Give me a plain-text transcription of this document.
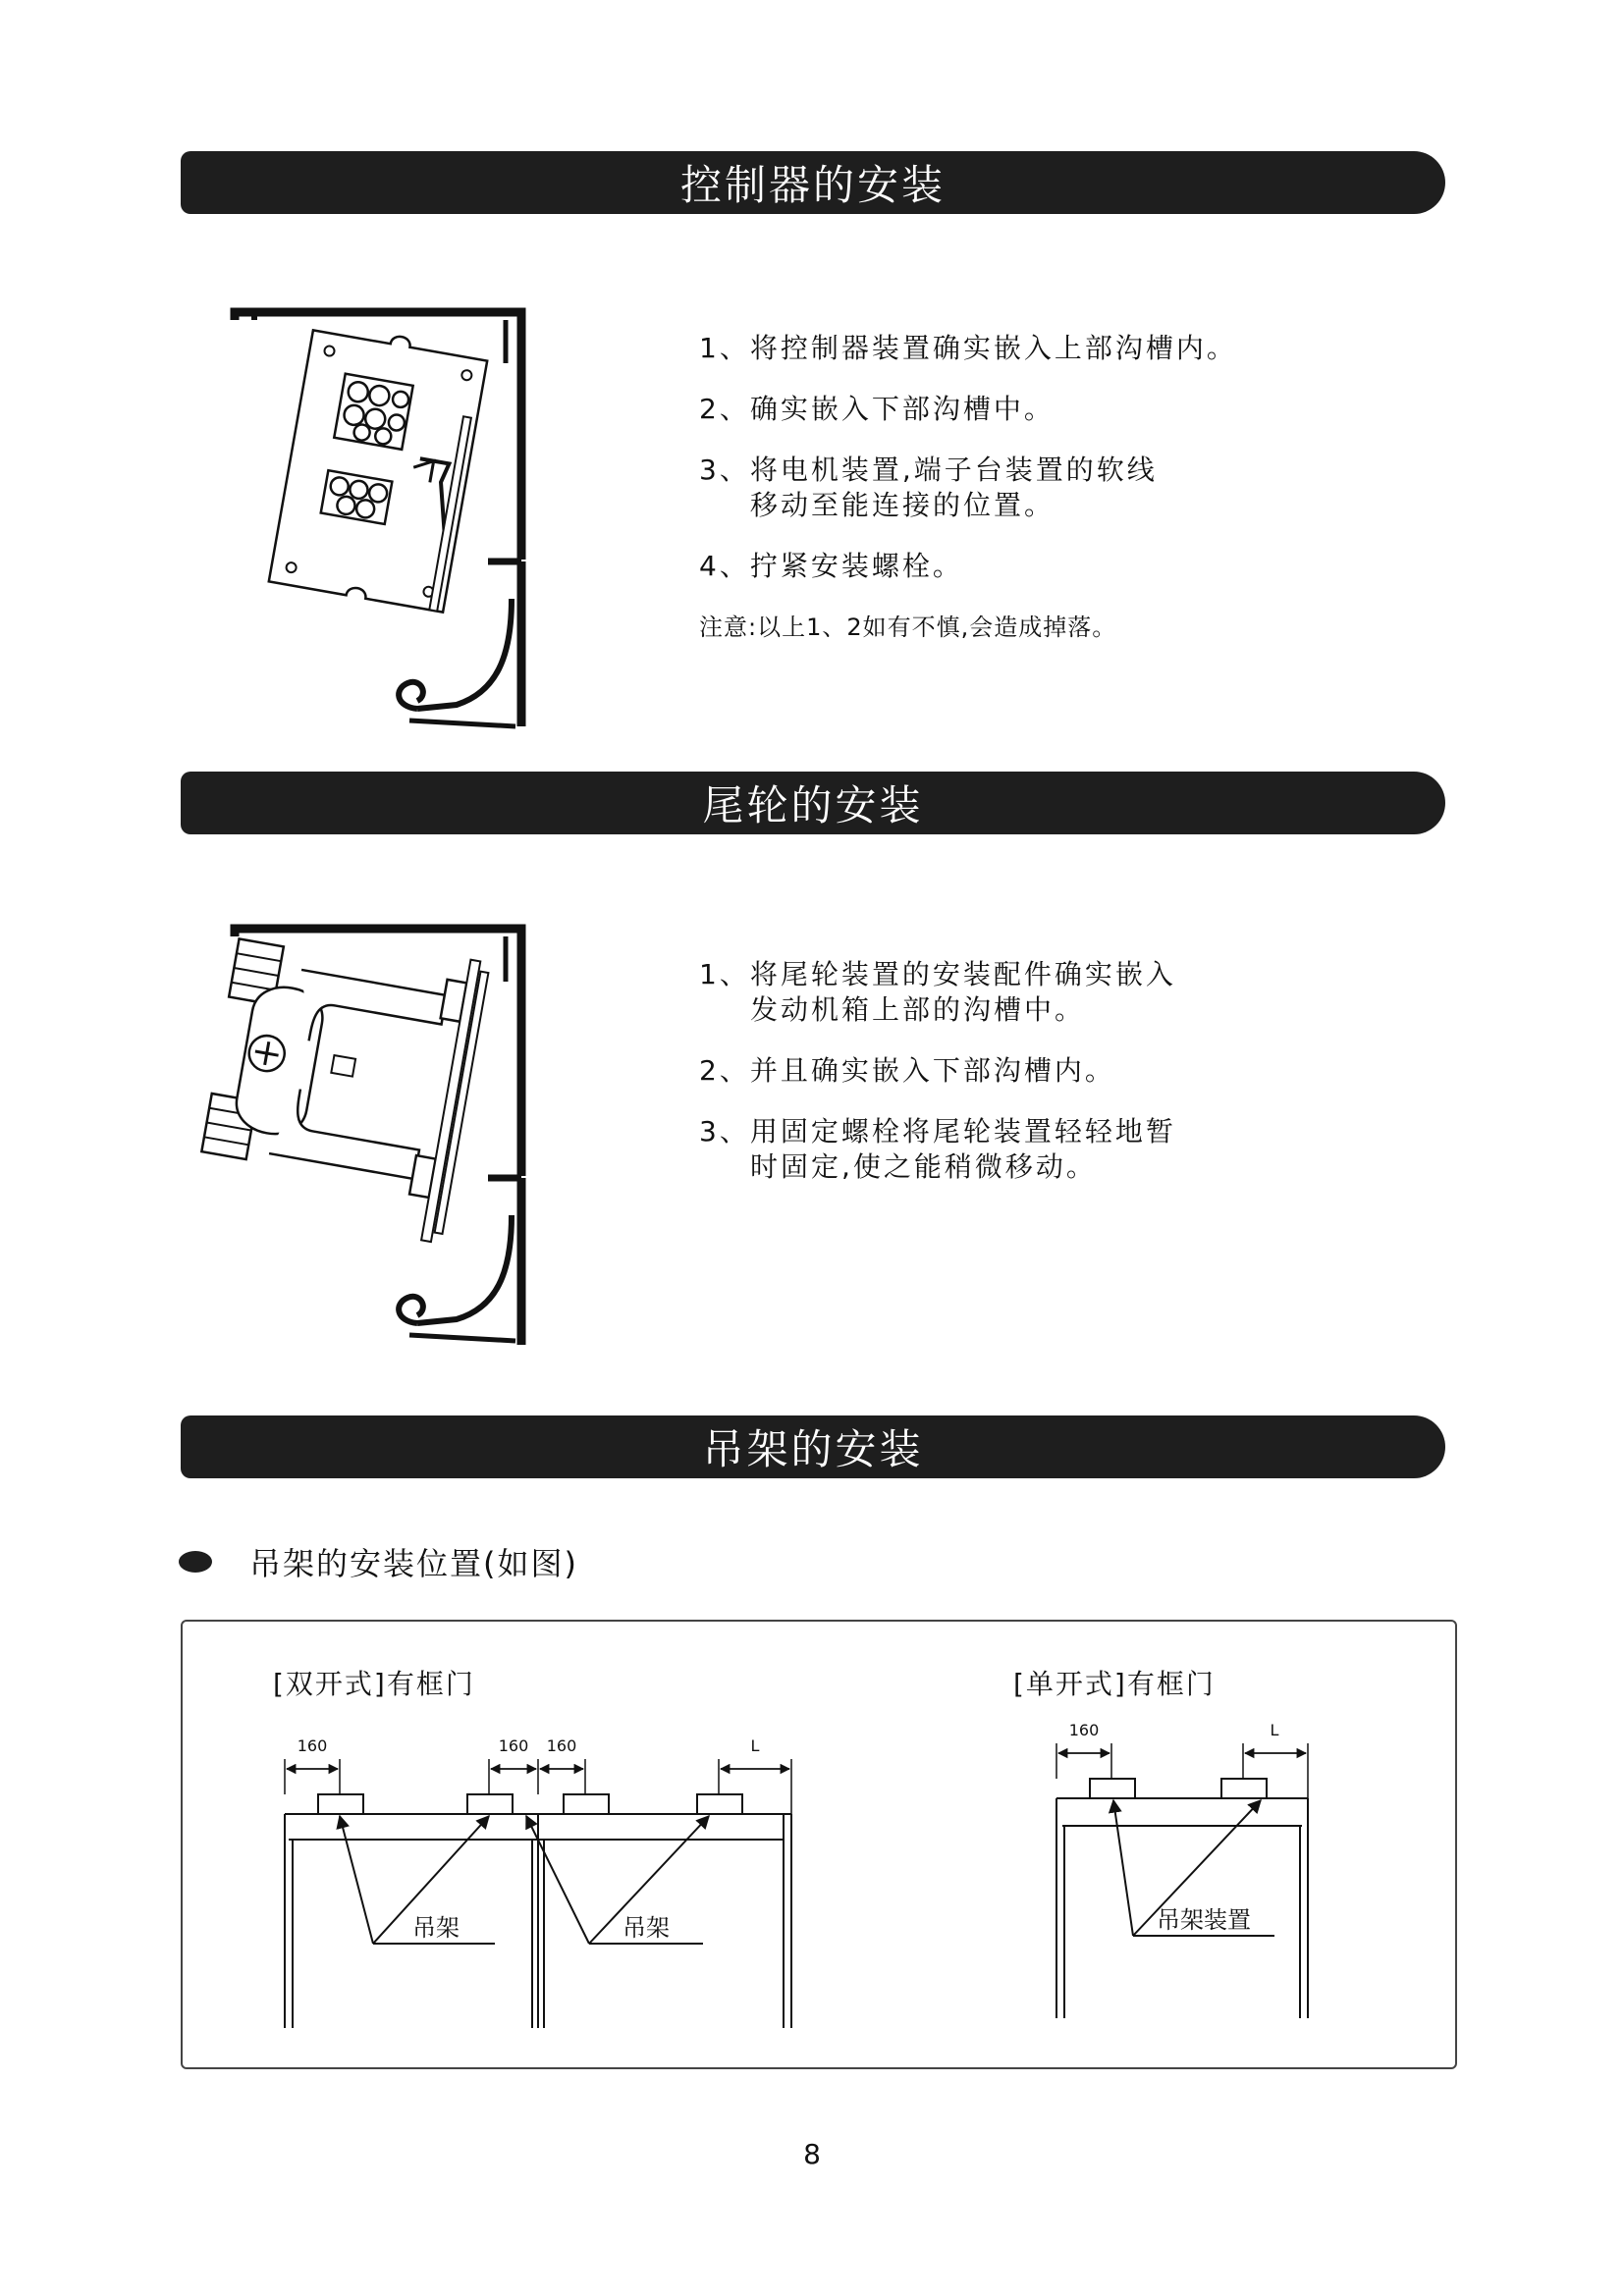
控制器的安装
1、将控制器装置确实嵌入上部沟槽内。
2、确实嵌入下部沟槽中。
3、将电机装置,端子台装置的软线
移动至能连接的位置。
4、拧紧安装螺栓。
注意:以上1、2如有不慎,会造成掉落。
尾轮的安装
1、将尾轮装置的安装配件确实嵌入
发动机箱上部的沟槽中。
2、并且确实嵌入下部沟槽内。
3、用固定螺栓将尾轮装置轻轻地暂
时固定,使之能稍微移动。
吊架的安装
吊架的安装位置(如图)
[双开式]有框门	[单开式]有框门
160	160 160	L
吊架	吊架
160	L
吊架装置
8
